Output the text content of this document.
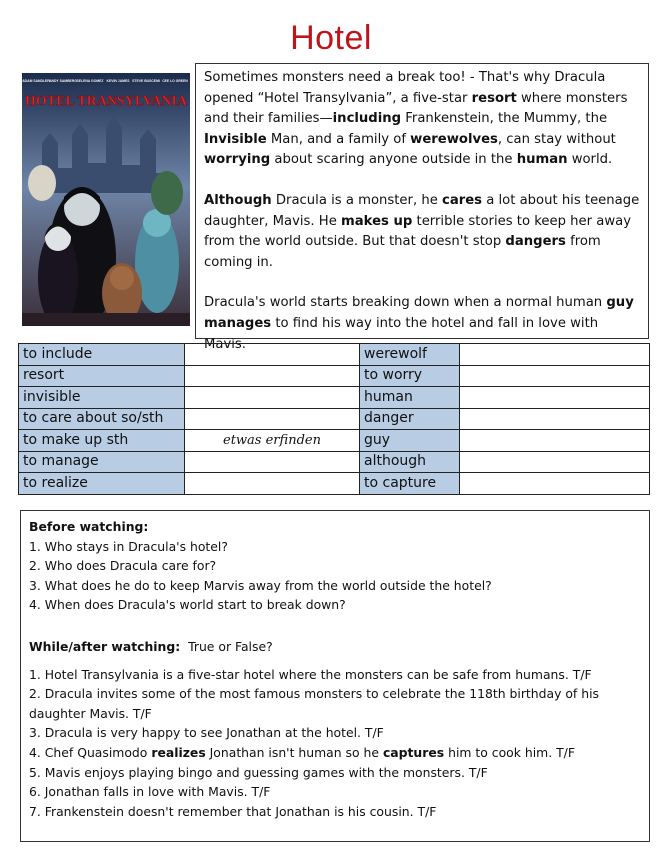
Hotel
ADAM SANDLER ANDY SAMBERG SELENA GOMEZ KEVIN JAMES STEVE BUSCEMI CEE LO GREEN
HOTEL TRANSYLVANIA

Sometimes monsters need a break too! - That's why Dracula opened “Hotel Transylvania”, a five-star resort where monsters and their families—including Frankenstein, the Mummy, the Invisible Man, and a family of werewolves, can stay without worrying about scaring anyone outside in the human world.

Although Dracula is a monster, he cares a lot about his teenage daughter, Mavis. He makes up terrible stories to keep her away from the world outside. But that doesn't stop dangers from coming in.

Dracula's world starts breaking down when a normal human guy manages to find his way into the hotel and fall in love with Mavis.

to include		werewolf	
resort		to worry	
invisible		human	
to care about so/sth		danger	
to make up sth	etwas erfinden	guy	
to manage		although	
to realize		to capture	
Before watching:
1. Who stays in Dracula's hotel?
2. Who does Dracula care for?
3. What does he do to keep Marvis away from the world outside the hotel?
4. When does Dracula's world start to break down?
While/after watching: True or False?
1. Hotel Transylvania is a five-star hotel where the monsters can be safe from humans. T/F
2. Dracula invites some of the most famous monsters to celebrate the 118th birthday of his
daughter Mavis. T/F
3. Dracula is very happy to see Jonathan at the hotel. T/F
4. Chef Quasimodo realizes Jonathan isn't human so he captures him to cook him. T/F
5. Mavis enjoys playing bingo and guessing games with the monsters. T/F
6. Jonathan falls in love with Mavis. T/F
7. Frankenstein doesn't remember that Jonathan is his cousin. T/F
